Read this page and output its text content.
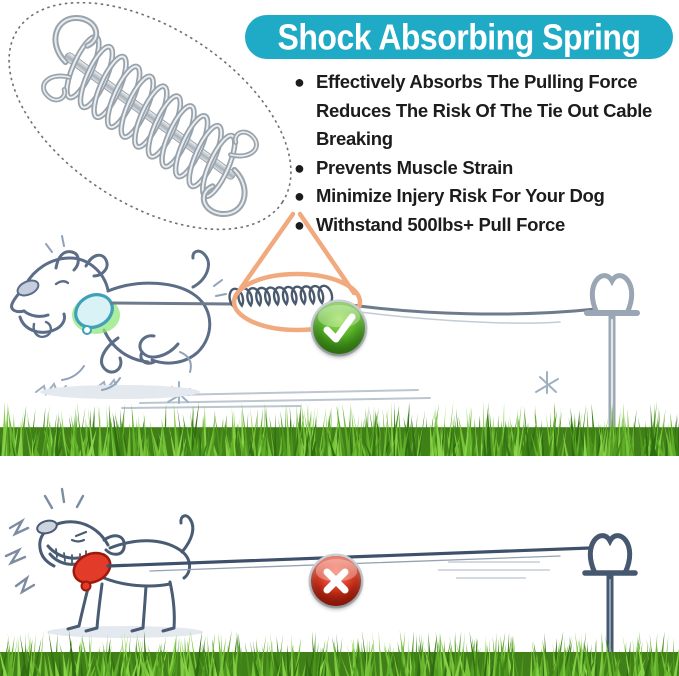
Shock Absorbing Spring
● Effectively Absorbs The Pulling Force Reduces The Risk Of The Tie Out Cable Breaking
● Prevents Muscle Strain
● Minimize Injery Risk For Your Dog
● Withstand 500lbs+ Pull Force
